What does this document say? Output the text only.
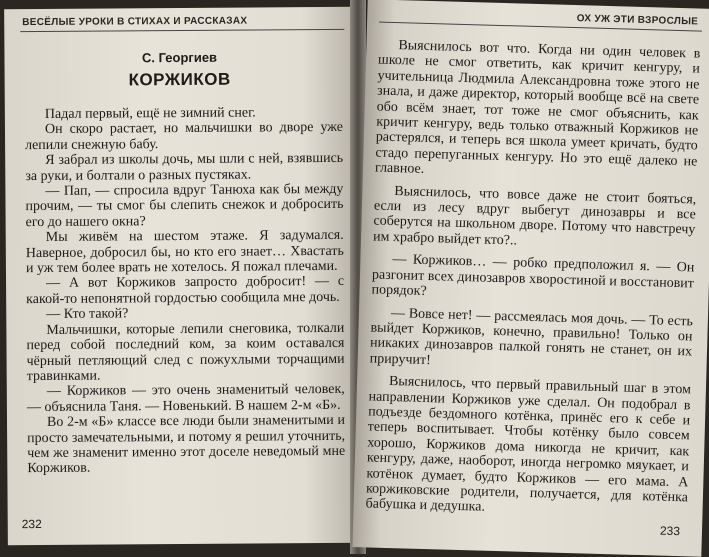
ВЕСЁЛЫЕ УРОКИ В СТИХАХ И РАССКАЗАХ
С. Георгиев
КОРЖИКОВ

Падал первый, ещё не зимний снег.

Он скоро растает, но мальчишки во дворе уже лепили снежную бабу.

Я забрал из школы дочь, мы шли с ней, взявшись за руки, и болтали о разных пустяках.

— Пап, — спросила вдруг Танюха как бы между прочим, — ты смог бы слепить снежок и добросить его до нашего окна?

Мы живём на шестом этаже. Я задумался. Наверное, добросил бы, но кто его знает… Хвастать и уж тем более врать не хотелось. Я пожал плечами.

— А вот Коржиков запросто добросит! — с какой-то непонятной гордостью сообщила мне дочь.

— Кто такой?

Мальчишки, которые лепили снеговика, толкали перед собой последний ком, за коим оставался чёрный петляющий след с пожухлыми торчащими травинками.

— Коржиков — это очень знаменитый человек, — объяснила Таня. — Новенький. В нашем 2-м «Б».

Во 2-м «Б» классе все люди были знаменитыми и просто замечательными, и потому я решил уточнить, чем же знаменит именно этот доселе неведомый мне Коржиков.

232
ОХ УЖ ЭТИ ВЗРОСЛЫЕ

Выяснилось вот что. Когда ни один человек в школе не смог ответить, как кричит кенгуру, и учительница Людмила Александровна тоже этого не знала, и даже директор, который вообще всё на свете обо всём знает, тот тоже не смог объяснить, как кричит кенгуру, ведь только отважный Коржиков не растерялся, и теперь вся школа умеет кричать, будто стадо перепуганных кенгуру. Но это ещё далеко не главное.

Выяснилось, что вовсе даже не стоит бояться, если из лесу вдруг выбегут динозавры и все соберутся на школьном дворе. Потому что навстречу им храбро выйдет кто?..

— Коржиков… — робко предположил я. — Он разгонит всех динозавров хворостиной и восстановит порядок?

— Вовсе нет! — рассмеялась моя дочь. — То есть выйдет Коржиков, конечно, правильно! Только он никаких динозавров палкой гонять не станет, он их приручит!

Выяснилось, что первый правильный шаг в этом направлении Коржиков уже сделал. Он подобрал в подъезде бездомного котёнка, принёс его к себе и теперь воспитывает. Чтобы котёнку было совсем хорошо, Коржиков дома никогда не кричит, как кенгуру, даже, наоборот, иногда негромко мяукает, и котёнок думает, будто Коржиков — его мама. А коржиковские родители, получается, для котёнка бабушка и дедушка.

233
